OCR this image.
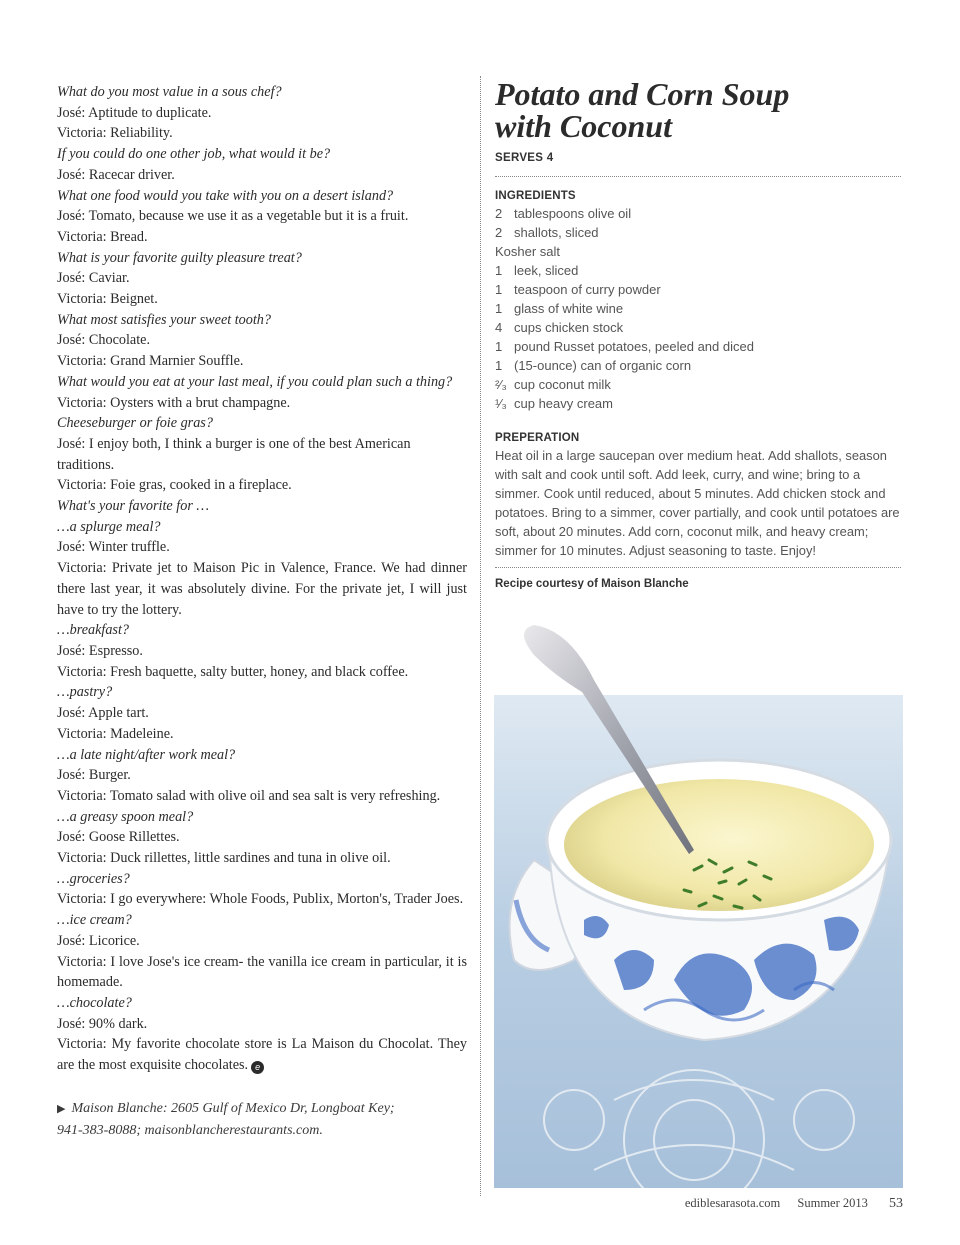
What do you most value in a sous chef?

José: Aptitude to duplicate.

Victoria: Reliability.

If you could do one other job, what would it be?

José: Racecar driver.

What one food would you take with you on a desert island?

José: Tomato, because we use it as a vegetable but it is a fruit.

Victoria: Bread.

What is your favorite guilty pleasure treat?

José: Caviar.

Victoria: Beignet.

What most satisfies your sweet tooth?

José: Chocolate.

Victoria: Grand Marnier Souffle.

What would you eat at your last meal, if you could plan such a thing?

Victoria: Oysters with a brut champagne.

Cheeseburger or foie gras?

José: I enjoy both, I think a burger is one of the best American traditions.

Victoria: Foie gras, cooked in a fireplace.

What's your favorite for …

…a splurge meal?

José: Winter truffle.

Victoria: Private jet to Maison Pic in Valence, France. We had dinner there last year, it was absolutely divine. For the private jet, I will just have to try the lottery.

…breakfast?

José: Espresso.

Victoria: Fresh baquette, salty butter, honey, and black coffee.

…pastry?

José: Apple tart.

Victoria: Madeleine.

…a late night/after work meal?

José: Burger.

Victoria: Tomato salad with olive oil and sea salt is very refreshing.

…a greasy spoon meal?

José: Goose Rillettes.

Victoria: Duck rillettes, little sardines and tuna in olive oil.

…groceries?

Victoria: I go everywhere: Whole Foods, Publix, Morton's, Trader Joes.

…ice cream?

José: Licorice.

Victoria: I love Jose's ice cream- the vanilla ice cream in particular, it is homemade.

…chocolate?

José: 90% dark.

Victoria: My favorite chocolate store is La Maison du Chocolat. They are the most exquisite chocolates. e

▶ Maison Blanche: 2605 Gulf of Mexico Dr, Longboat Key;
941-383-8088; maisonblancherestaurants.com.
Potato and Corn Soup with Coconut
SERVES 4
INGREDIENTS
2 tablespoons olive oil
2 shallots, sliced
Kosher salt
1 leek, sliced
1 teaspoon of curry powder
1 glass of white wine
4 cups chicken stock
1 pound Russet potatoes, peeled and diced
1 (15-ounce) can of organic corn
²⁄₃ cup coconut milk
¹⁄₃ cup heavy cream
PREPERATION

Heat oil in a large saucepan over medium heat. Add shallots, season with salt and cook until soft. Add leek, curry, and wine; bring to a simmer. Cook until reduced, about 5 minutes. Add chicken stock and potatoes. Bring to a simmer, cover partially, and cook until potatoes are soft, about 20 minutes. Add corn, coconut milk, and heavy cream; simmer for 10 minutes. Adjust seasoning to taste. Enjoy!

Recipe courtesy of Maison Blanche
ediblesarasota.com Summer 2013 53
